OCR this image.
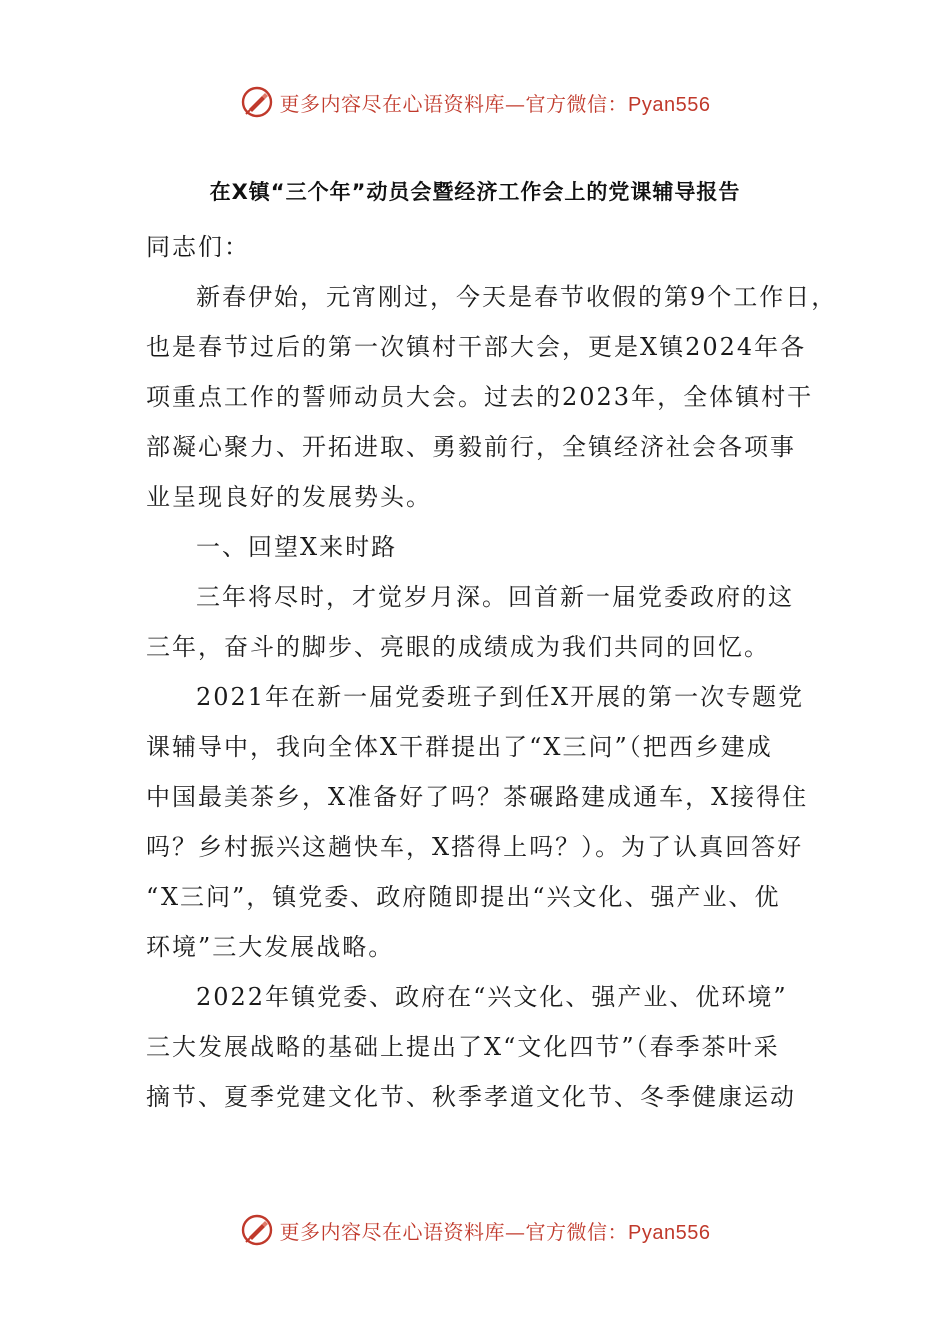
更多内容尽在心语资料库—官方微信：Pyan556
在X镇“三个年”动员会暨经济工作会上的党课辅导报告

同志们：

新春伊始，元宵刚过，今天是春节收假的第9个工作日，

也是春节过后的第一次镇村干部大会，更是X镇2024年各

项重点工作的誓师动员大会。过去的2023年，全体镇村干

部凝心聚力、开拓进取、勇毅前行，全镇经济社会各项事

业呈现良好的发展势头。

一、回望X来时路

三年将尽时，才觉岁月深。回首新一届党委政府的这

三年，奋斗的脚步、亮眼的成绩成为我们共同的回忆。

2021年在新一届党委班子到任X开展的第一次专题党

课辅导中，我向全体X干群提出了“X三问”（把西乡建成

中国最美茶乡，X准备好了吗？茶碾路建成通车，X接得住

吗？乡村振兴这趟快车，X搭得上吗？）。为了认真回答好

“X三问”，镇党委、政府随即提出“兴文化、强产业、优

环境”三大发展战略。

2022年镇党委、政府在“兴文化、强产业、优环境”

三大发展战略的基础上提出了X“文化四节”（春季茶叶采

摘节、夏季党建文化节、秋季孝道文化节、冬季健康运动

更多内容尽在心语资料库—官方微信：Pyan556
